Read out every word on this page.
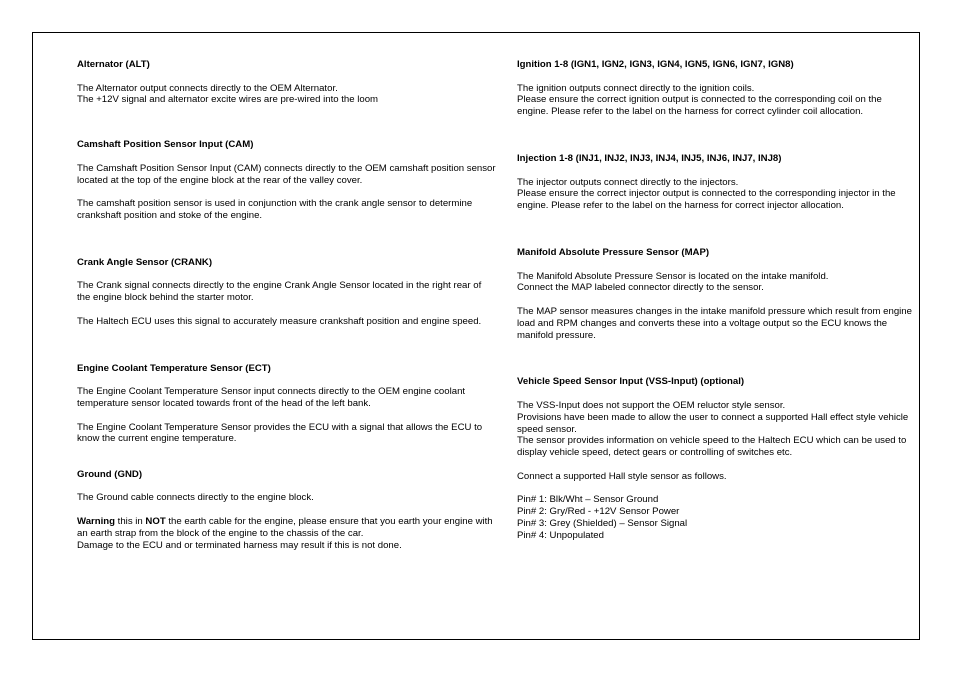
Alternator (ALT)

The Alternator output connects directly to the OEM Alternator.

The +12V signal and alternator excite wires are pre-wired into the loom

Camshaft Position Sensor Input (CAM)

The Camshaft Position Sensor Input (CAM) connects directly to the OEM camshaft position sensor located at the top of the engine block at the rear of the valley cover.

The camshaft position sensor is used in conjunction with the crank angle sensor to determine crankshaft position and stoke of the engine.

Crank Angle Sensor (CRANK)

The Crank signal connects directly to the engine Crank Angle Sensor located in the right rear of the engine block behind the starter motor.

The Haltech ECU uses this signal to accurately measure crankshaft position and engine speed.

Engine Coolant Temperature Sensor (ECT)

The Engine Coolant Temperature Sensor input connects directly to the OEM engine coolant temperature sensor located towards front of the head of the left bank.

The Engine Coolant Temperature Sensor provides the ECU with a signal that allows the ECU to know the current engine temperature.

Ground (GND)

The Ground cable connects directly to the engine block.

Warning this in NOT the earth cable for the engine, please ensure that you earth your engine with an earth strap from the block of the engine to the chassis of the car.

Damage to the ECU and or terminated harness may result if this is not done.

Ignition 1-8 (IGN1, IGN2, IGN3, IGN4, IGN5, IGN6, IGN7, IGN8)

The ignition outputs connect directly to the ignition coils.

Please ensure the correct ignition output is connected to the corresponding coil on the engine. Please refer to the label on the harness for correct cylinder coil allocation.

Injection 1-8 (INJ1, INJ2, INJ3, INJ4, INJ5, INJ6, INJ7, INJ8)

The injector outputs connect directly to the injectors.

Please ensure the correct injector output is connected to the corresponding injector in the engine. Please refer to the label on the harness for correct injector allocation.

Manifold Absolute Pressure Sensor (MAP)

The Manifold Absolute Pressure Sensor is located on the intake manifold.

Connect the MAP labeled connector directly to the sensor.

The MAP sensor measures changes in the intake manifold pressure which result from engine load and RPM changes and converts these into a voltage output so the ECU knows the manifold pressure.

Vehicle Speed Sensor Input (VSS-Input) (optional)

The VSS-Input does not support the OEM reluctor style sensor.

Provisions have been made to allow the user to connect a supported Hall effect style vehicle speed sensor.

The sensor provides information on vehicle speed to the Haltech ECU which can be used to display vehicle speed, detect gears or controlling of switches etc.

Connect a supported Hall style sensor as follows.

Pin# 1: Blk/Wht – Sensor Ground

Pin# 2: Gry/Red - +12V Sensor Power

Pin# 3: Grey (Shielded) – Sensor Signal

Pin# 4: Unpopulated
